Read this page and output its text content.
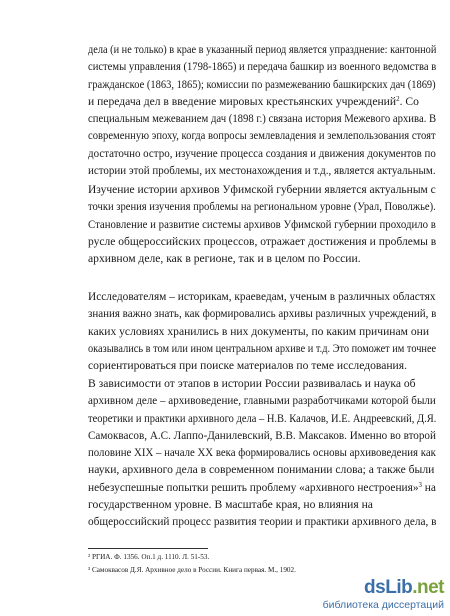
дела (и не только) в крае в указанный период является упразднение: кантонной
системы управления (1798-1865) и передача башкир из военного ведомства в
гражданское (1863, 1865); комиссии по размежеванию башкирских дач (1869)
и передача дел в введение мировых крестьянских учреждений$^2$. Со
специальным межеванием дач (1898 г.) связана история Межевого архива. В
современную эпоху, когда вопросы землевладения и землепользования стоят
достаточно остро, изучение процесса создания и движения документов по
истории этой проблемы, их местонахождения и т.д., является актуальным.

Изучение истории архивов Уфимской губернии является актуальным с
точки зрения изучения проблемы на региональном уровне (Урал, Поволжье).
Становление и развитие системы архивов Уфимской губернии проходило в
русле общероссийских процессов, отражает достижения и проблемы в
архивном деле, как в регионе, так и в целом по России.

Исследователям – историкам, краеведам, ученым в различных областях
знания важно знать, как формировались архивы различных учреждений, в
каких условиях хранились в них документы, по каким причинам они
оказывались в том или ином центральном архиве и т.д. Это поможет им точнее
сориентироваться при поиске материалов по теме исследования.

В зависимости от этапов в истории России развивалась и наука об
архивном деле – архивоведение, главными разработчиками которой были
теоретики и практики архивного дела – Н.В. Калачов, И.Е. Андреевский, Д.Я.
Самоквасов, А.С. Лаппо-Данилевский, В.В. Максаков. Именно во второй
половине XIX – начале XX века формировались основы архивоведения как
науки, архивного дела в современном понимании слова; а также были
небезуспешные попытки решить проблему «архивного нестроения»$^3$ на
государственном уровне. В масштабе края, но влияния на
общероссийский процесс развития теории и практики архивного дела, в

² РГИА. Ф. 1356. Оп.1 д. 1110. Л. 51-53.

³ Самоквасов Д.Я. Архивное дело в России. Книга первая. М., 1902.

dsLib.net
библиотека диссертаций
